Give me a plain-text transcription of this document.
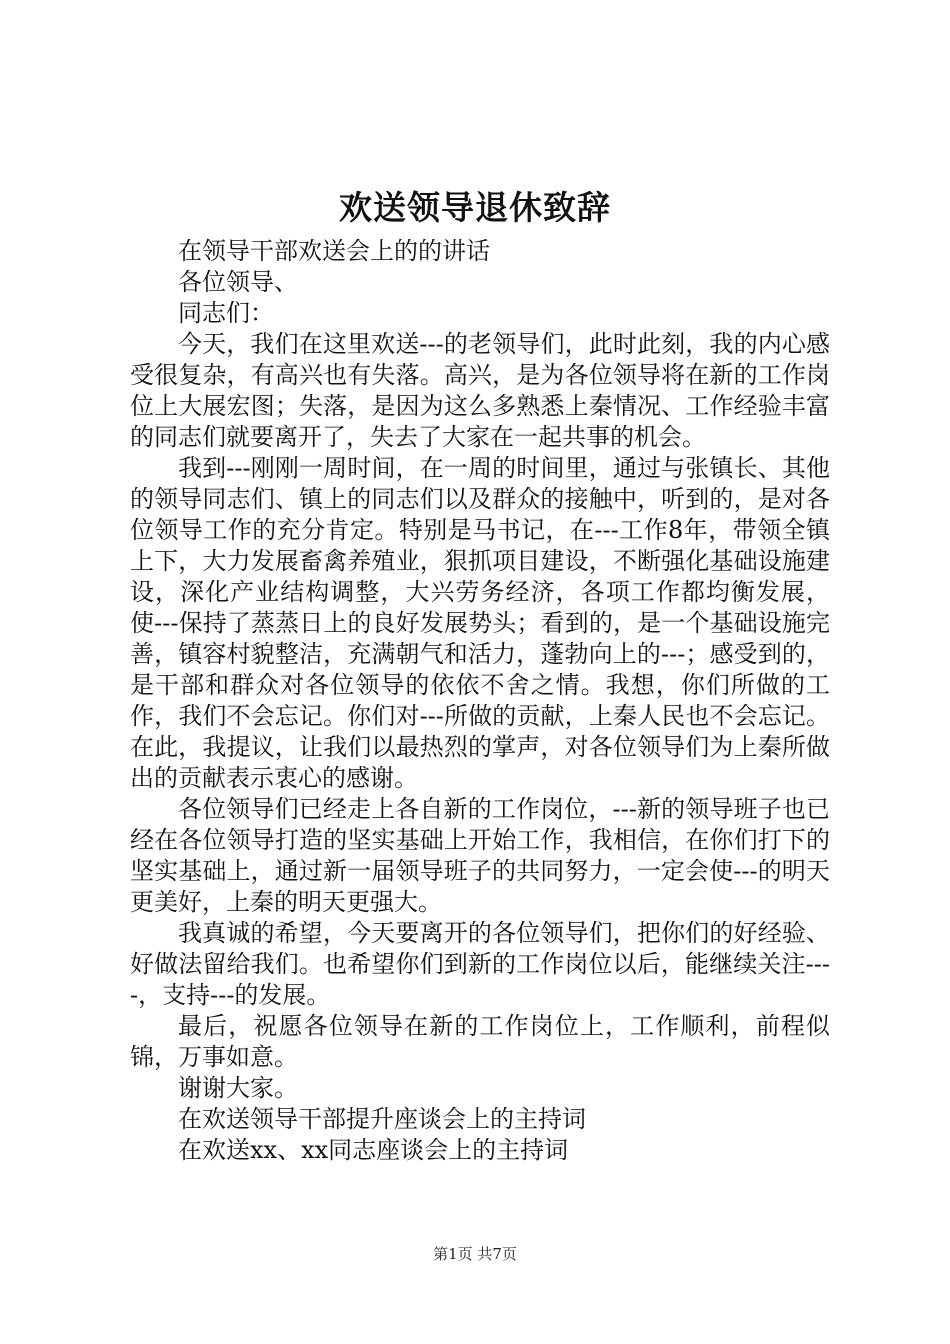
欢送领导退休致辞

在领导干部欢送会上的的讲话

各位领导、

同志们：

今天，我们在这里欢送---的老领导们，此时此刻，我的内心感受很复杂，有高兴也有失落。高兴，是为各位领导将在新的工作岗位上大展宏图；失落，是因为这么多熟悉上秦情况、工作经验丰富的同志们就要离开了，失去了大家在一起共事的机会。

我到---刚刚一周时间，在一周的时间里，通过与张镇长、其他的领导同志们、镇上的同志们以及群众的接触中，听到的，是对各位领导工作的充分肯定。特别是马书记，在---工作8年，带领全镇上下，大力发展畜禽养殖业，狠抓项目建设，不断强化基础设施建设，深化产业结构调整，大兴劳务经济，各项工作都均衡发展，使---保持了蒸蒸日上的良好发展势头；看到的，是一个基础设施完善，镇容村貌整洁，充满朝气和活力，蓬勃向上的---；感受到的，是干部和群众对各位领导的依依不舍之情。我想，你们所做的工作，我们不会忘记。你们对---所做的贡献，上秦人民也不会忘记。在此，我提议，让我们以最热烈的掌声，对各位领导们为上秦所做出的贡献表示衷心的感谢。

各位领导们已经走上各自新的工作岗位，---新的领导班子也已经在各位领导打造的坚实基础上开始工作，我相信，在你们打下的坚实基础上，通过新一届领导班子的共同努力，一定会使---的明天更美好，上秦的明天更强大。

我真诚的希望，今天要离开的各位领导们，把你们的好经验、好做法留给我们。也希望你们到新的工作岗位以后，能继续关注----，支持---的发展。

最后，祝愿各位领导在新的工作岗位上，工作顺利，前程似锦，万事如意。

谢谢大家。

在欢送领导干部提升座谈会上的主持词

在欢送xx、xx同志座谈会上的主持词

第1页 共7页
